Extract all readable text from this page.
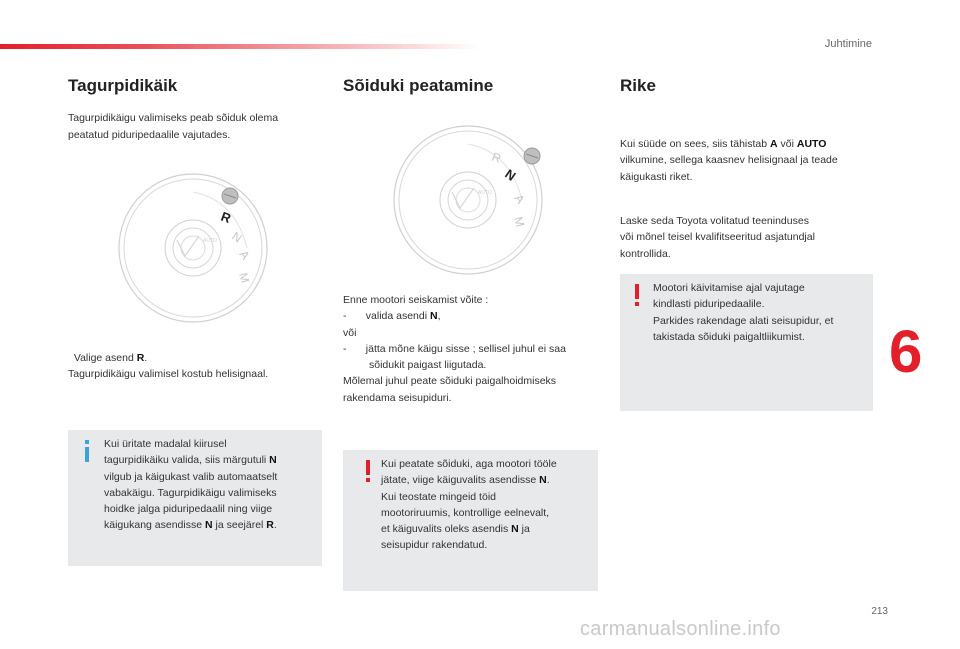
Juhtimine
6
213
Tagurpidikäik

Tagurpidikäigu valimiseks peab sõiduk olema
peatatud piduripedaalile vajutades.

R
N
A
M
AUTO

Valige asend R.
Tagurpidikäigu valimisel kostub helisignaal.

Kui üritate madalal kiirusel
tagurpidikäiku valida, siis märgutuli N
vilgub ja käigukast valib automaatselt
vabakäigu. Tagurpidikäigu valimiseks
hoidke jalga piduripedaalil ning viige
käigukang asendisse N ja seejärel R.
Sõiduki peatamine
R
N
A
M
AUTO
Enne mootori seiskamist võite :
-	valida asendi N,
või
-	jätta mõne käigu sisse ; sellisel juhul ei saa
sõidukit paigast liigutada.
Mõlemal juhul peate sõiduki paigalhoidmiseks
rakendama seisupiduri.
Kui peatate sõiduki, aga mootori tööle
jätate, viige käiguvalits asendisse N.
Kui teostate mingeid töid
mootoriruumis, kontrollige eelnevalt,
et käiguvalits oleks asendis N ja
seisupidur rakendatud.
Rike
Kui süüde on sees, siis tähistab A või AUTO
vilkumine, sellega kaasnev helisignaal ja teade
käigukasti riket.
Laske seda Toyota volitatud teeninduses
või mõnel teisel kvalifitseeritud asjatundjal
kontrollida.
Mootori käivitamise ajal vajutage
kindlasti piduripedaalile.
Parkides rakendage alati seisupidur, et
takistada sõiduki paigaltliikumist.
carmanualsonline.info
